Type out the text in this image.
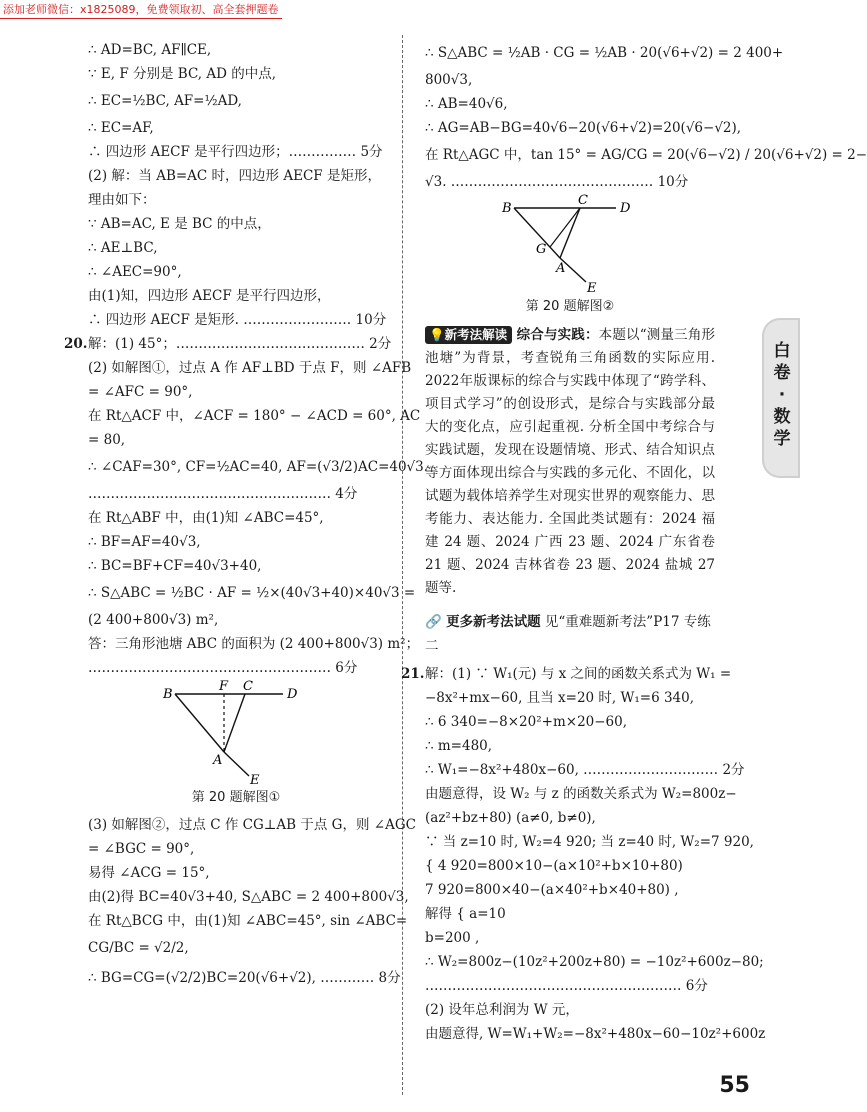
添加老师微信：x1825089，免费领取初、高全套押题卷
∴ AD=BC, AF∥CE,
∵ E, F 分别是 BC, AD 的中点,
∴ EC=½BC, AF=½AD,
∴ EC=AF,
∴ 四边形 AECF 是平行四边形；…………… 5分
(2) 解：当 AB=AC 时，四边形 AECF 是矩形，
理由如下：
∵ AB=AC, E 是 BC 的中点，
∴ AE⊥BC,
∴ ∠AEC=90°,
由(1)知，四边形 AECF 是平行四边形，
∴ 四边形 AECF 是矩形. …………………… 10分
20.解：(1) 45°；…………………………………… 2分
(2) 如解图①，过点 A 作 AF⊥BD 于点 F，则 ∠AFB
= ∠AFC = 90°,
在 Rt△ACF 中，∠ACF = 180° − ∠ACD = 60°, AC
= 80,
∴ ∠CAF=30°, CF=½AC=40, AF=(√3/2)AC=40√3.
……………………………………………… 4分
在 Rt△ABF 中，由(1)知 ∠ABC=45°,
∴ BF=AF=40√3,
∴ BC=BF+CF=40√3+40,
∴ S△ABC = ½BC · AF = ½×(40√3+40)×40√3 =
(2 400+800√3) m²,
答：三角形池塘 ABC 的面积为 (2 400+800√3) m²；
……………………………………………… 6分
B
F C
D
A
E
第 20 题解图①
(3) 如解图②，过点 C 作 CG⊥AB 于点 G，则 ∠AGC
= ∠BGC = 90°,
易得 ∠ACG = 15°,
由(2)得 BC=40√3+40, S△ABC = 2 400+800√3,
在 Rt△BCG 中，由(1)知 ∠ABC=45°, sin ∠ABC=
CG/BC = √2/2,
∴ BG=CG=(√2/2)BC=20(√6+√2), ………… 8分
∴ S△ABC = ½AB · CG = ½AB · 20(√6+√2) = 2 400+
800√3,
∴ AB=40√6,
∴ AG=AB−BG=40√6−20(√6+√2)=20(√6−√2),
在 Rt△AGC 中，tan 15° = AG/CG = 20(√6−√2) / 20(√6+√2) = 2−
√3. ……………………………………… 10分
B
C
D
G
A
E
第 20 题解图②
💡新考法解读 综合与实践：本题以“测量三角形池塘”为背景，考查锐角三角函数的实际应用. 2022年版课标的综合与实践中体现了“跨学科、项目式学习”的创设形式，是综合与实践部分最大的变化点，应引起重视. 分析全国中考综合与实践试题，发现在设题情境、形式、结合知识点等方面体现出综合与实践的多元化、不固化，以试题为载体培养学生对现实世界的观察能力、思考能力、表达能力. 全国此类试题有：2024 福建 24 题、2024 广西 23 题、2024 广东省卷 21 题、2024 吉林省卷 23 题、2024 盐城 27 题等.
🔗 更多新考法试题 见“重难题新考法”P17 专练二
21.解：(1) ∵ W₁(元) 与 x 之间的函数关系式为 W₁ =
−8x²+mx−60, 且当 x=20 时, W₁=6 340,
∴ 6 340=−8×20²+m×20−60,
∴ m=480,
∴ W₁=−8x²+480x−60, ………………………… 2分
由题意得，设 W₂ 与 z 的函数关系式为 W₂=800z−
(az²+bz+80) (a≠0, b≠0),
∵ 当 z=10 时, W₂=4 920; 当 z=40 时, W₂=7 920,
{ 4 920=800×10−(a×10²+b×10+80)
7 920=800×40−(a×40²+b×40+80) ,
解得 { a=10
b=200 ,
∴ W₂=800z−(10z²+200z+80) = −10z²+600z−80;
………………………………………………… 6分
(2) 设年总利润为 W 元，
由题意得, W=W₁+W₂=−8x²+480x−60−10z²+600z
白卷·数学
55
